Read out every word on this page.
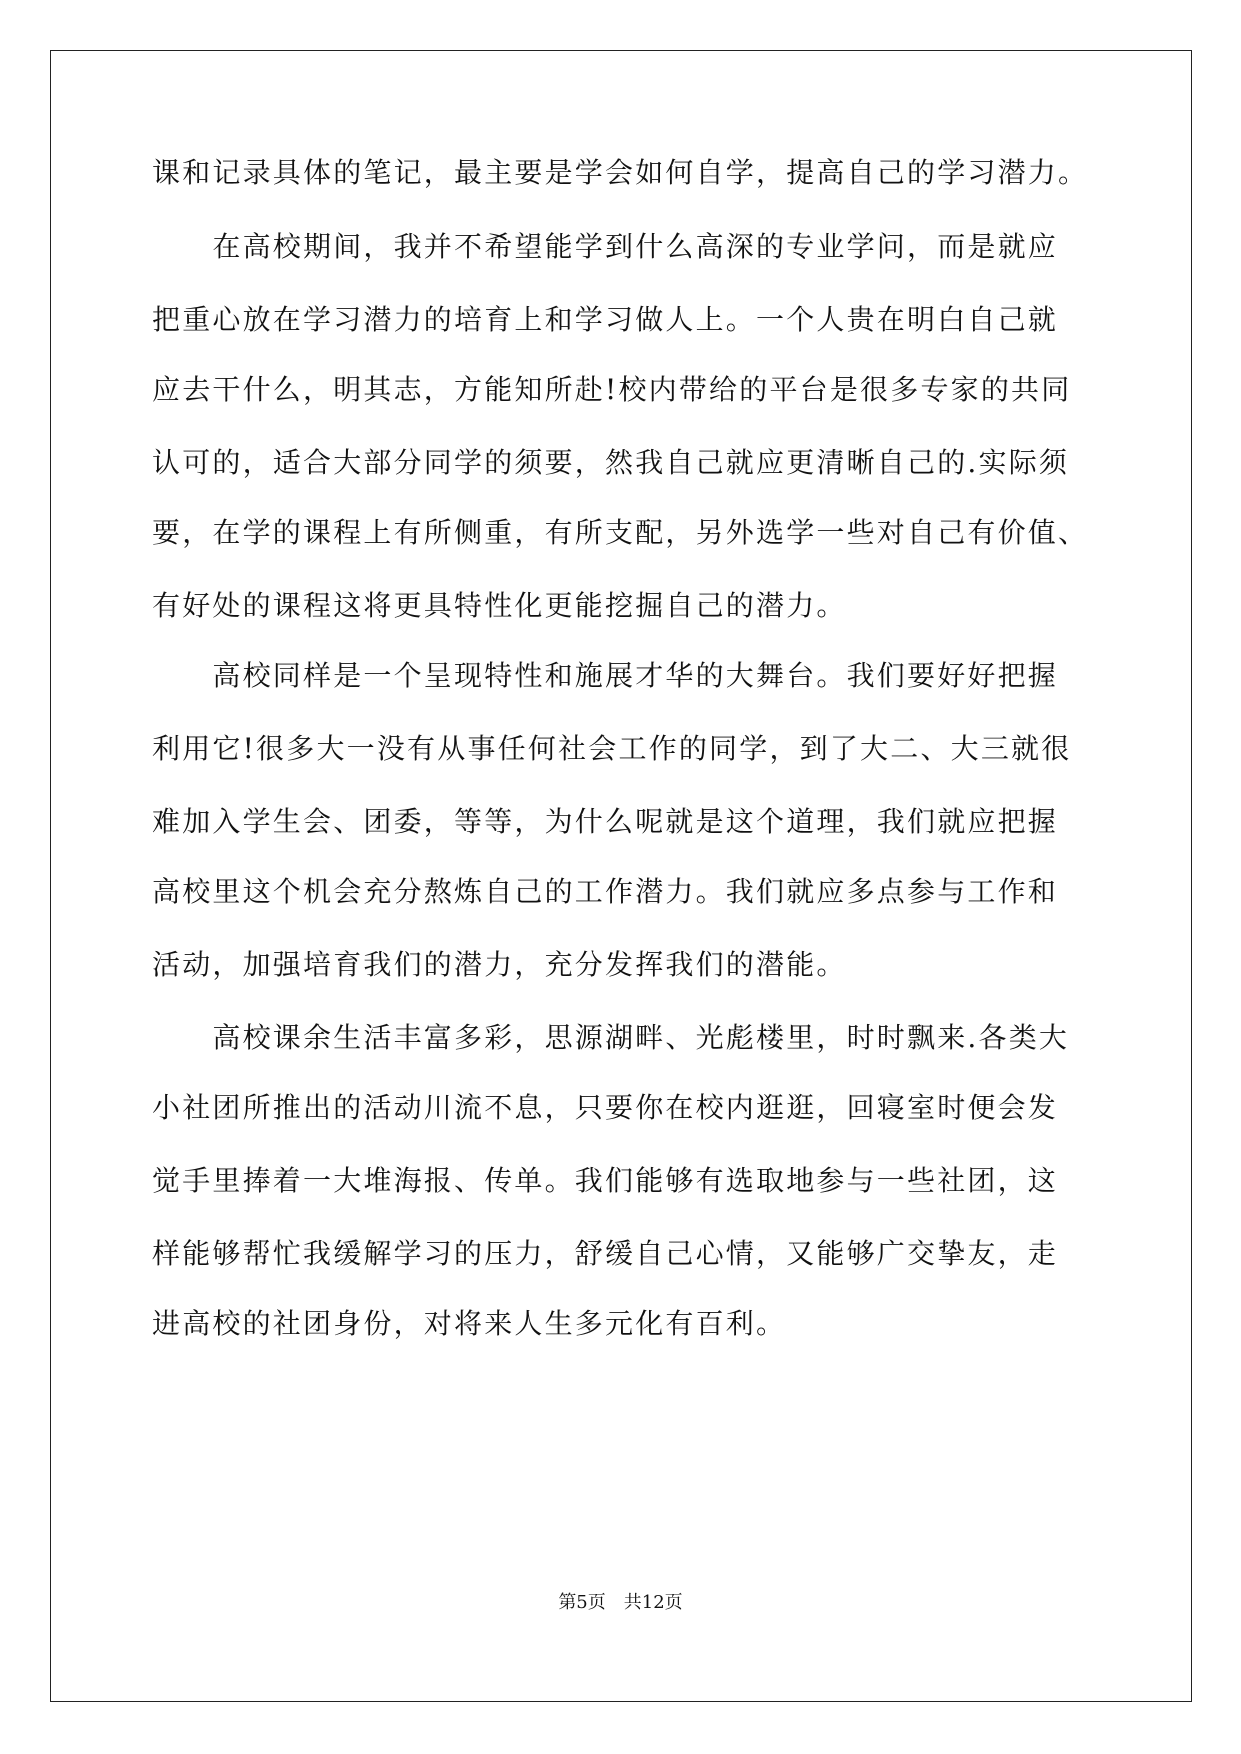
课和记录具体的笔记，最主要是学会如何自学，提高自己的学习潜力。
　　在高校期间，我并不希望能学到什么高深的专业学问，而是就应
把重心放在学习潜力的培育上和学习做人上。一个人贵在明白自己就
应去干什么，明其志，方能知所赴!校内带给的平台是很多专家的共同
认可的，适合大部分同学的须要，然我自己就应更清晰自己的.实际须
要，在学的课程上有所侧重，有所支配，另外选学一些对自己有价值、
有好处的课程这将更具特性化更能挖掘自己的潜力。
　　高校同样是一个呈现特性和施展才华的大舞台。我们要好好把握
利用它!很多大一没有从事任何社会工作的同学，到了大二、大三就很
难加入学生会、团委，等等，为什么呢就是这个道理，我们就应把握
高校里这个机会充分熬炼自己的工作潜力。我们就应多点参与工作和
活动，加强培育我们的潜力，充分发挥我们的潜能。
　　高校课余生活丰富多彩，思源湖畔、光彪楼里，时时飘来.各类大
小社团所推出的活动川流不息，只要你在校内逛逛，回寝室时便会发
觉手里捧着一大堆海报、传单。我们能够有选取地参与一些社团，这
样能够帮忙我缓解学习的压力，舒缓自己心情，又能够广交挚友，走
进高校的社团身份，对将来人生多元化有百利。
第5页　共12页
